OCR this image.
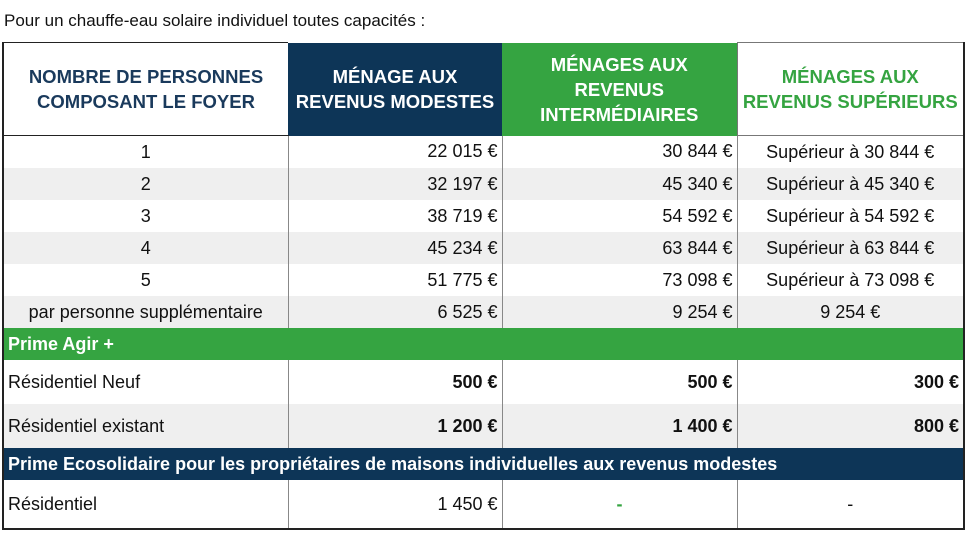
Pour un chauffe-eau solaire individuel toutes capacités :
NOMBRE DE PERSONNES COMPOSANT LE FOYER	MÉNAGE AUX REVENUS MODESTES	MÉNAGES AUX REVENUS INTERMÉDIAIRES	MÉNAGES AUX REVENUS SUPÉRIEURS
1	22 015 €	30 844 €	Supérieur à 30 844 €
2	32 197 €	45 340 €	Supérieur à 45 340 €
3	38 719 €	54 592 €	Supérieur à 54 592 €
4	45 234 €	63 844 €	Supérieur à 63 844 €
5	51 775 €	73 098 €	Supérieur à 73 098 €
par personne supplémentaire	6 525 €	9 254 €	9 254 €
Prime Agir +			
Résidentiel Neuf	500 €	500 €	300 €
Résidentiel existant	1 200 €	1 400 €	800 €
Prime Ecosolidaire pour les propriétaires de maisons individuelles aux revenus modestes			
Résidentiel	1 450 €	-	-
